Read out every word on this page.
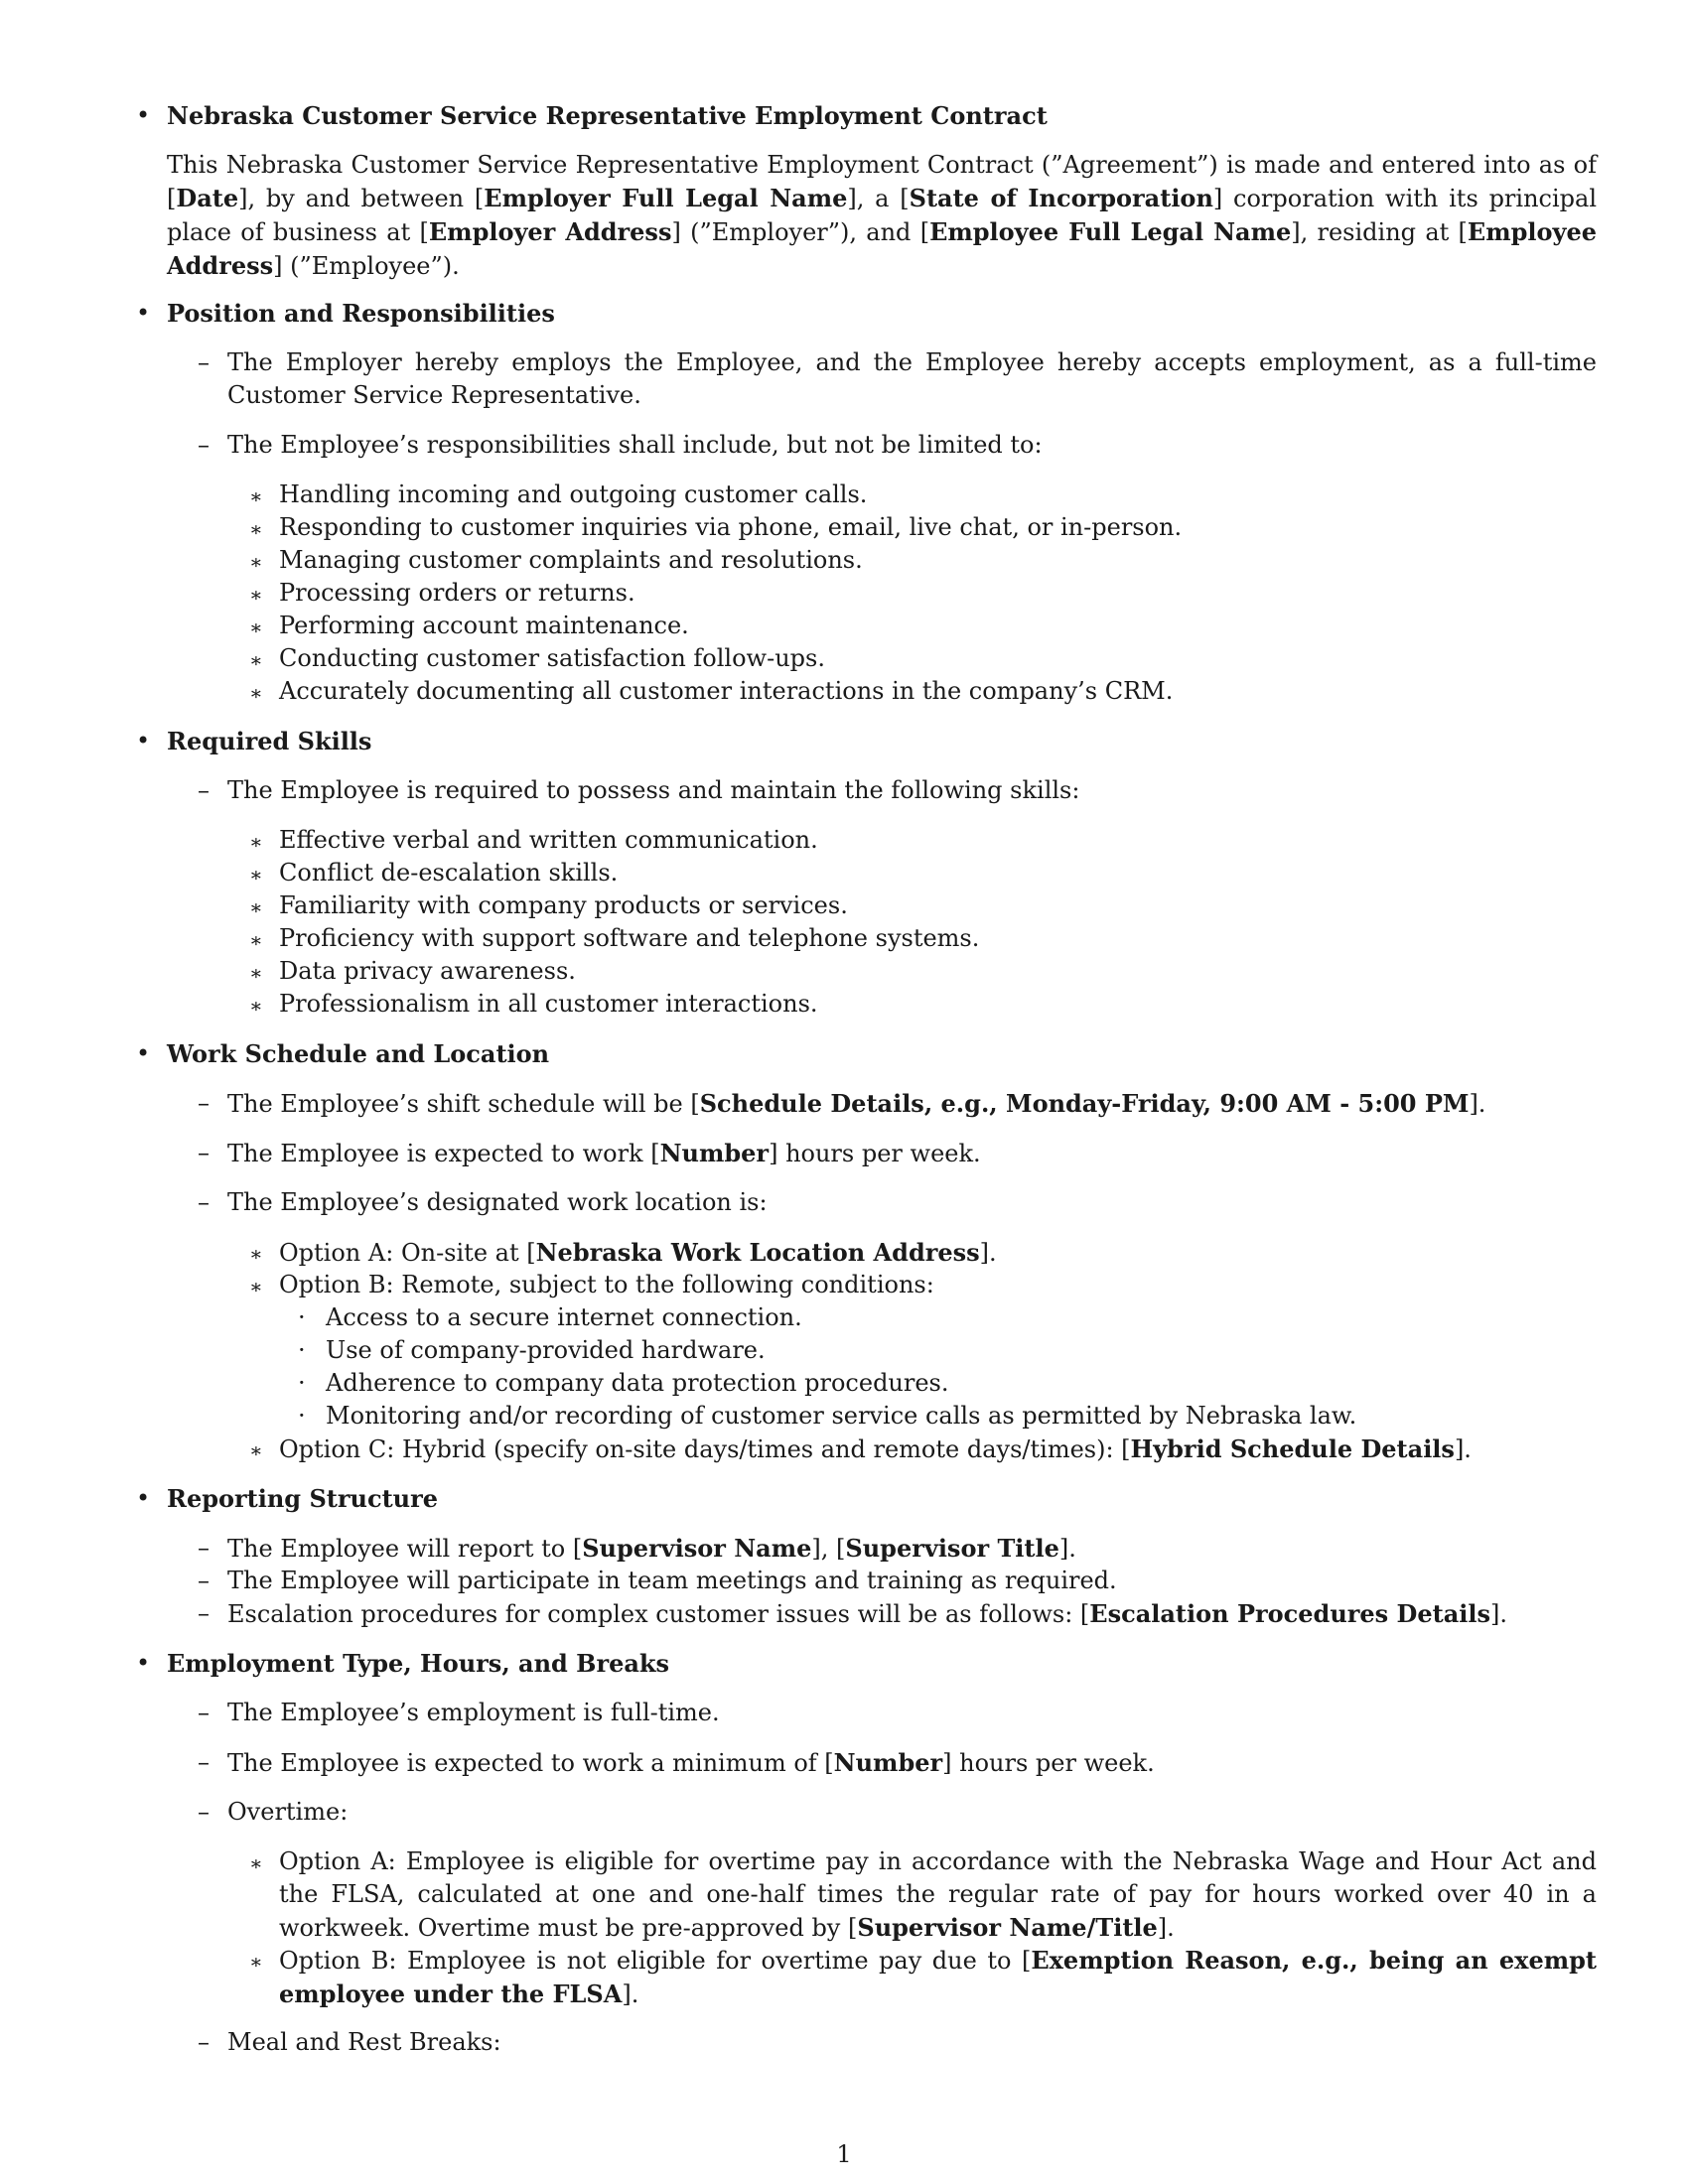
• Nebraska Customer Service Representative Employment Contract

This Nebraska Customer Service Representative Employment Contract (”Agreement”) is made and entered into as of [Date], by and between [Employer Full Legal Name], a [State of Incorporation] corporation with its principal place of business at [Employer Address] (”Employer”), and [Employee Full Legal Name], residing at [Employee Address] (”Employee”).

• Position and Responsibilities

– The Employer hereby employs the Employee, and the Employee hereby accepts employment, as a full-time Customer Service Representative.

– The Employee’s responsibilities shall include, but not be limited to:

∗ Handling incoming and outgoing customer calls.

∗ Responding to customer inquiries via phone, email, live chat, or in-person.

∗ Managing customer complaints and resolutions.

∗ Processing orders or returns.

∗ Performing account maintenance.

∗ Conducting customer satisfaction follow-ups.

∗ Accurately documenting all customer interactions in the company’s CRM.

• Required Skills

– The Employee is required to possess and maintain the following skills:

∗ Effective verbal and written communication.

∗ Conflict de-escalation skills.

∗ Familiarity with company products or services.

∗ Proficiency with support software and telephone systems.

∗ Data privacy awareness.

∗ Professionalism in all customer interactions.

• Work Schedule and Location

– The Employee’s shift schedule will be [Schedule Details, e.g., Monday-Friday, 9:00 AM - 5:00 PM].

– The Employee is expected to work [Number] hours per week.

– The Employee’s designated work location is:

∗ Option A: On-site at [Nebraska Work Location Address].

∗ Option B: Remote, subject to the following conditions:

· Access to a secure internet connection.

· Use of company-provided hardware.

· Adherence to company data protection procedures.

· Monitoring and/or recording of customer service calls as permitted by Nebraska law.

∗ Option C: Hybrid (specify on-site days/times and remote days/times): [Hybrid Schedule Details].

• Reporting Structure

– The Employee will report to [Supervisor Name], [Supervisor Title].

– The Employee will participate in team meetings and training as required.

– Escalation procedures for complex customer issues will be as follows: [Escalation Procedures Details].

• Employment Type, Hours, and Breaks

– The Employee’s employment is full-time.

– The Employee is expected to work a minimum of [Number] hours per week.

– Overtime:

∗ Option A: Employee is eligible for overtime pay in accordance with the Nebraska Wage and Hour Act and the FLSA, calculated at one and one-half times the regular rate of pay for hours worked over 40 in a workweek. Overtime must be pre-approved by [Supervisor Name/Title].

∗ Option B: Employee is not eligible for overtime pay due to [Exemption Reason, e.g., being an exempt employee under the FLSA].

– Meal and Rest Breaks:

1
